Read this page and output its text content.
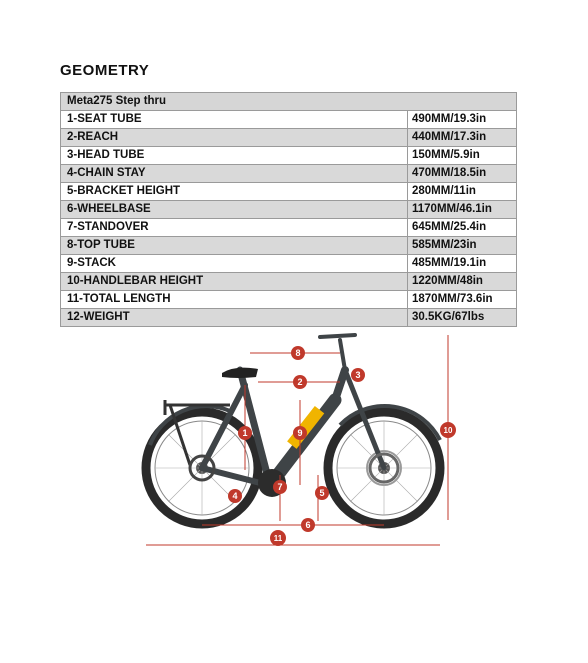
GEOMETRY
Meta275 Step thru	
1-SEAT TUBE	490MM/19.3in
2-REACH	440MM/17.3in
3-HEAD TUBE	150MM/5.9in
4-CHAIN STAY	470MM/18.5in
5-BRACKET HEIGHT	280MM/11in
6-WHEELBASE	1170MM/46.1in
7-STANDOVER	645MM/25.4in
8-TOP TUBE	585MM/23in
9-STACK	485MM/19.1in
10-HANDLEBAR HEIGHT	1220MM/48in
11-TOTAL LENGTH	1870MM/73.6in
12-WEIGHT	30.5KG/67lbs
1
2
3
4	5
6
7
8
9	10
11
